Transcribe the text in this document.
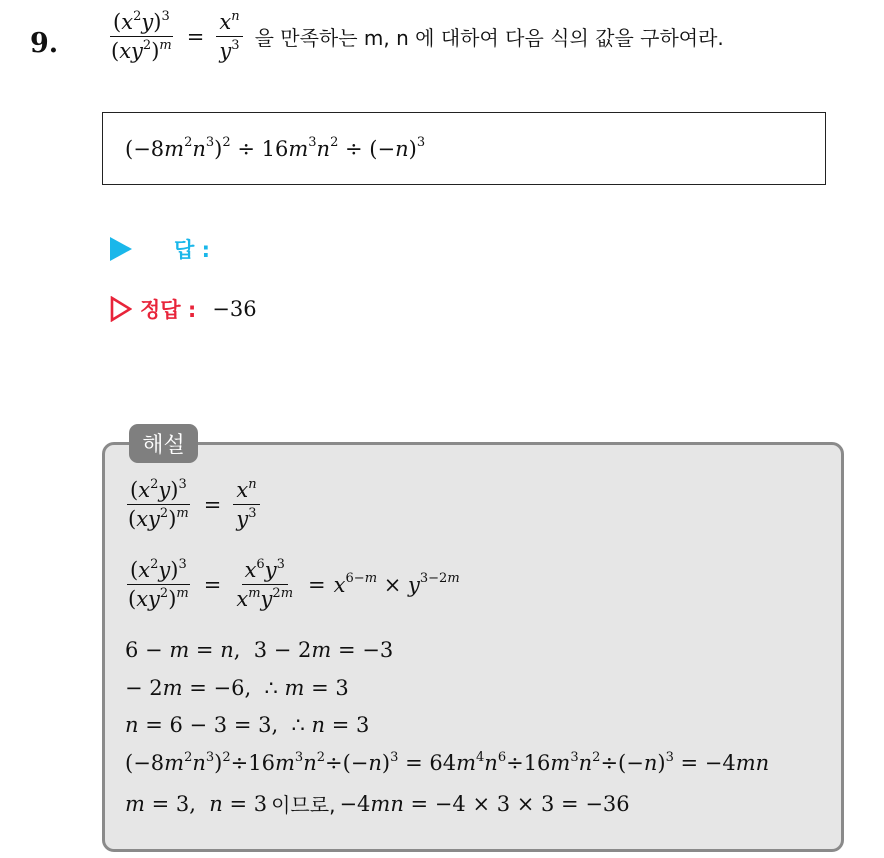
9. $\frac{(x^2y)^3}{(xy^2)^m} = \frac{x^n}{y^3}$ 을 만족하는 m, n 에 대하여 다음 식의 값을 구하여라.
$(-8m^2n^3)^2 \div 16m^3n^2 \div (-n)^3$
답 :
정답 : −36
해설
$\frac{(x^2y)^3}{(xy^2)^m} = \frac{x^n}{y^3}$
$\frac{(x^2y)^3}{(xy^2)^m} = \frac{x^6y^3}{x^my^{2m}} = x^{6-m} \times y^{3-2m}$
6 − m = n,  3 − 2m = −3
− 2m = −6,  ∴ m = 3
n = 6 − 3 = 3,  ∴ n = 3
$(-8m^2n^3)^2\div 16m^3n^2\div(-n)^3 = 64m^4n^6\div 16m^3n^2\div(-n)^3 = -4mn$
m = 3,  n = 3 이므로, −4mn = −4 × 3 × 3 = −36
